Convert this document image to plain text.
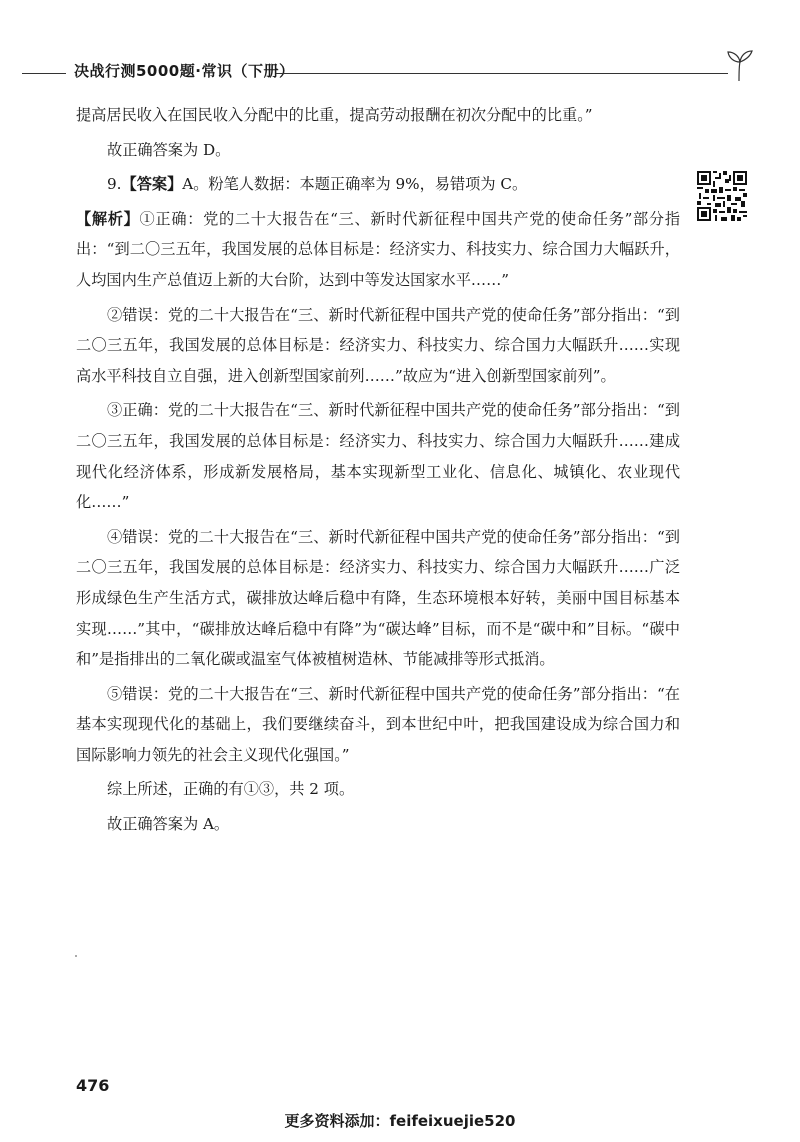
决战行测5000题·常识（下册）

提高居民收入在国民收入分配中的比重，提高劳动报酬在初次分配中的比重。”

故正确答案为 D。

9.【答案】A。粉笔人数据：本题正确率为 9%，易错项为 C。

【解析】①正确：党的二十大报告在“三、新时代新征程中国共产党的使命任务”部分指出：“到二〇三五年，我国发展的总体目标是：经济实力、科技实力、综合国力大幅跃升，人均国内生产总值迈上新的大台阶，达到中等发达国家水平……”

②错误：党的二十大报告在“三、新时代新征程中国共产党的使命任务”部分指出：“到二〇三五年，我国发展的总体目标是：经济实力、科技实力、综合国力大幅跃升……实现高水平科技自立自强，进入创新型国家前列……”故应为“进入创新型国家前列”。

③正确：党的二十大报告在“三、新时代新征程中国共产党的使命任务”部分指出：“到二〇三五年，我国发展的总体目标是：经济实力、科技实力、综合国力大幅跃升……建成现代化经济体系，形成新发展格局，基本实现新型工业化、信息化、城镇化、农业现代化……”

④错误：党的二十大报告在“三、新时代新征程中国共产党的使命任务”部分指出：“到二〇三五年，我国发展的总体目标是：经济实力、科技实力、综合国力大幅跃升……广泛形成绿色生产生活方式，碳排放达峰后稳中有降，生态环境根本好转，美丽中国目标基本实现……”其中，“碳排放达峰后稳中有降”为“碳达峰”目标，而不是“碳中和”目标。“碳中和”是指排出的二氧化碳或温室气体被植树造林、节能减排等形式抵消。

⑤错误：党的二十大报告在“三、新时代新征程中国共产党的使命任务”部分指出：“在基本实现现代化的基础上，我们要继续奋斗，到本世纪中叶，把我国建设成为综合国力和国际影响力领先的社会主义现代化强国。”

综上所述，正确的有①③，共 2 项。

故正确答案为 A。

476
更多资料添加：feifeixuejie520
